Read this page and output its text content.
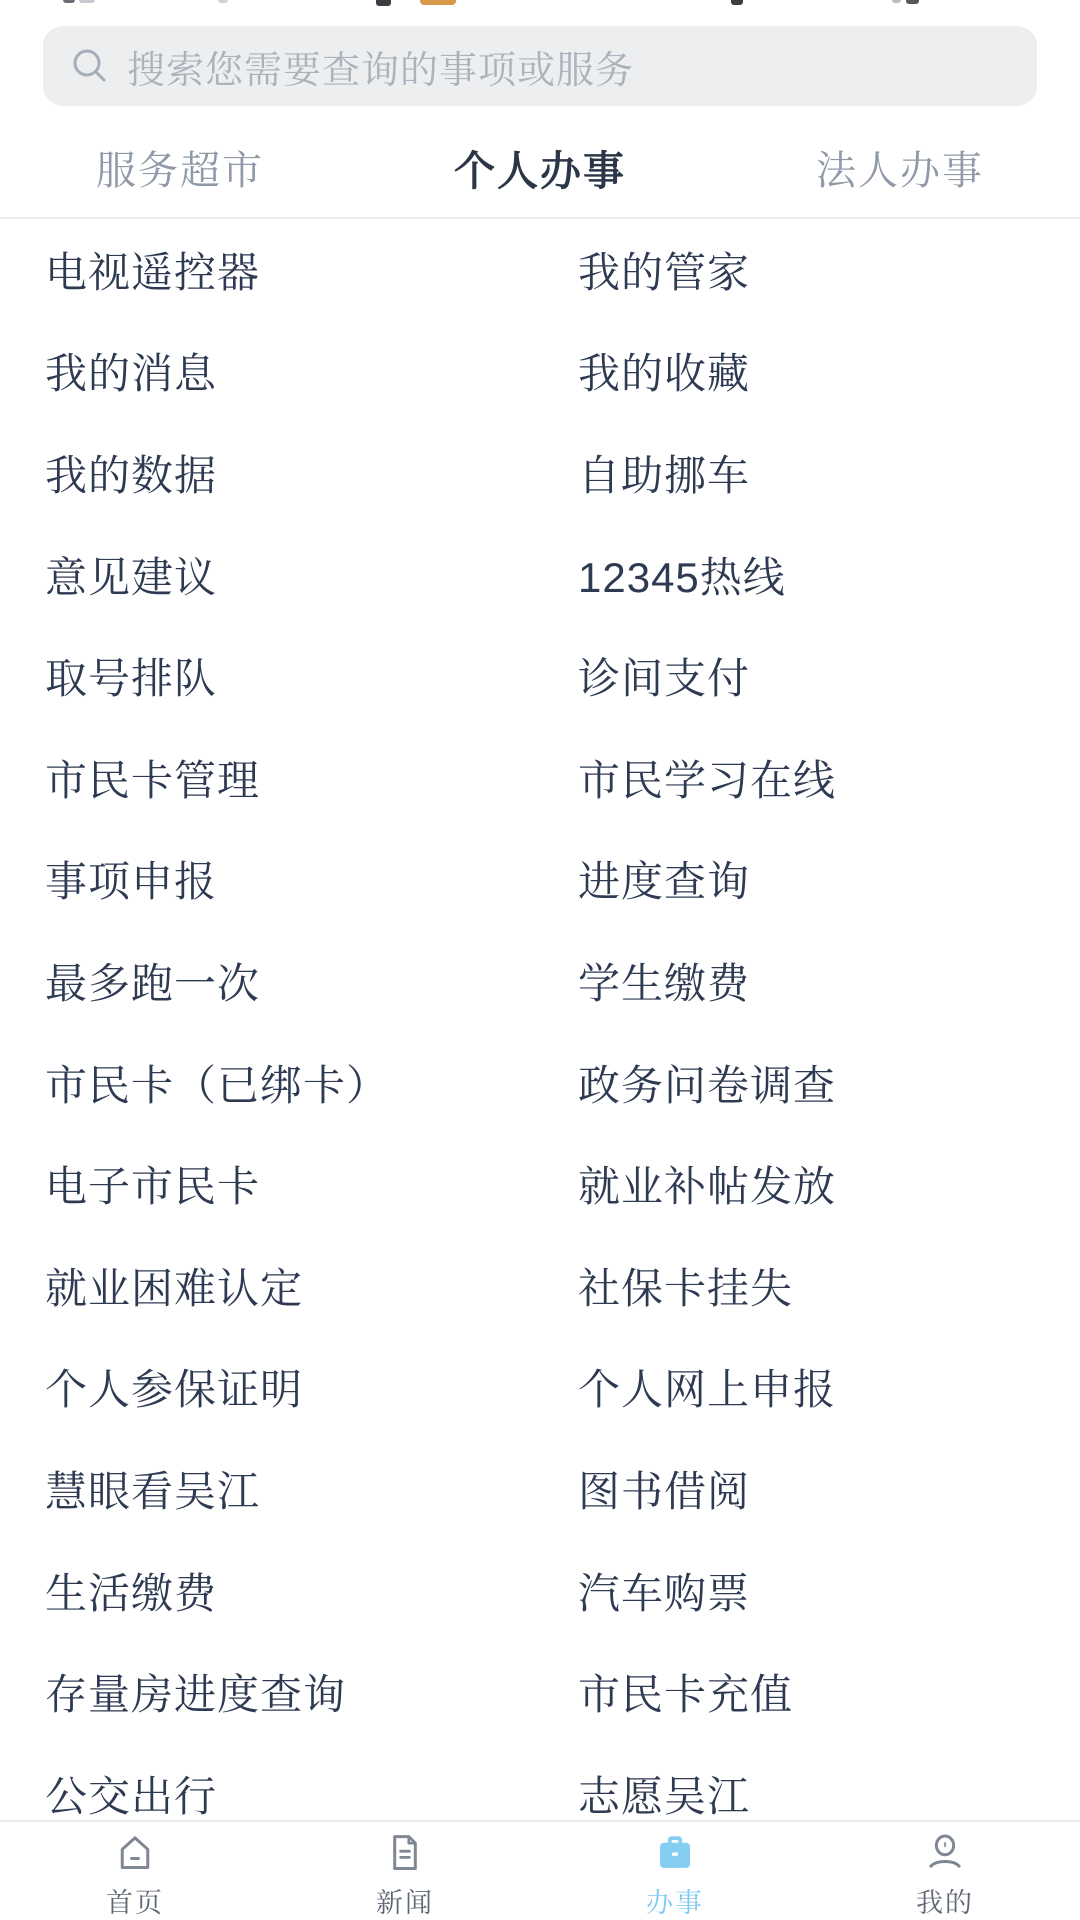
搜索您需要查询的事项或服务
服务超市	个人办事	法人办事
电视遥控器	我的管家
我的消息	我的收藏
我的数据	自助挪车
意见建议	12345热线
取号排队	诊间支付
市民卡管理	市民学习在线
事项申报	进度查询
最多跑一次	学生缴费
市民卡（已绑卡）	政务问卷调查
电子市民卡	就业补帖发放
就业困难认定	社保卡挂失
个人参保证明	个人网上申报
慧眼看吴江	图书借阅
生活缴费	汽车购票
存量房进度查询	市民卡充值
公交出行	志愿吴江
首页	新闻	办事	我的
